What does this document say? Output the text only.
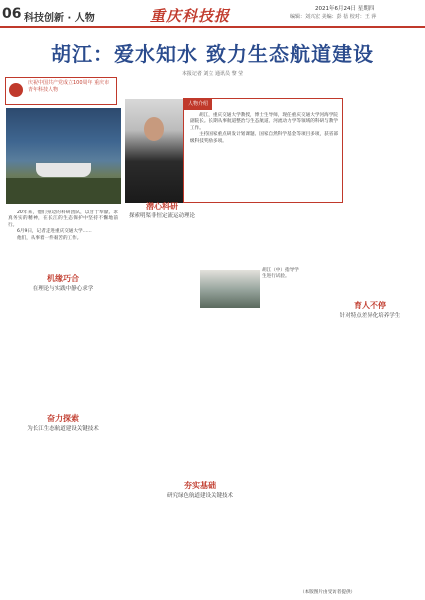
06 科技创新 · 人物	重庆科技报	2021年6月24日 星期四
编辑：刘兴宏 美编：彭 蓓 校对：王 萍
胡江：爱水知水 致力生态航道建设
本报记者 刘立 通讯员 黎 莹
庆祝中国共产党成立100周年 重庆市青年科技人物
人物介绍

胡江，重庆交通大学教授，博士生导师，现任重庆交通大学河海学院副院长。长期从事航道整治与生态航道、河流动力学等领域的科研与教学工作。

主持国家重点研发计划课题、国家自然科学基金等项目多项，获省部级科技奖励多项。

20年来，他们身边的科研团队，以甘于奉献、求真务实的精神，在长江的生态保护中坚持不懈地前行。

6月9日，记者走进重庆交通大学……

他们，从事着一件艰苦的工作。

机缘巧合
在理论与实践中静心求学
奋力探索
为长江生态航道建设关键技术
潜心科研
探索明渠非恒定流运动理论
夯实基础
研究绿色航道建设关键技术
育人不停
针对特点差异化培养学生
胡江（中）指导学生进行试验。
（本版图片由受访者提供）
